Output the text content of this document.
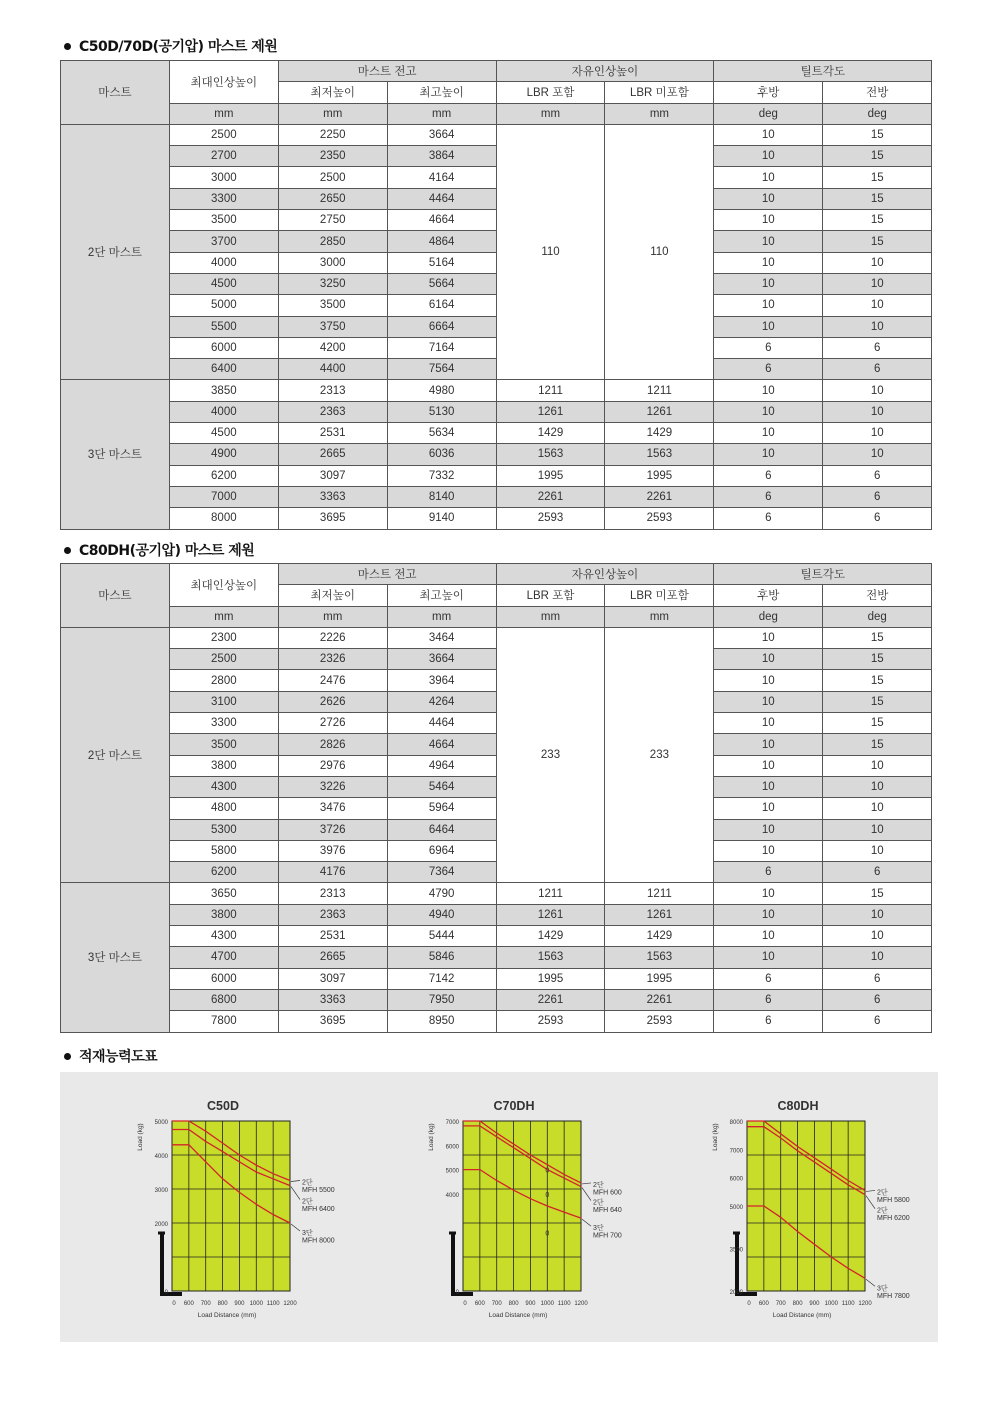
C50D/70D(공기압) 마스트 제원
마스트	최대인상높이	마스트 전고		자유인상높이		틸트각도	
		최저높이	최고높이	LBR 포함	LBR 미포함	후방	전방
	mm	mm	mm	mm	mm	deg	deg
2단 마스트	2500	2250	3664	110	110	10	15
	2700	2350	3864			10	15
	3000	2500	4164			10	15
	3300	2650	4464			10	15
	3500	2750	4664			10	15
	3700	2850	4864			10	15
	4000	3000	5164			10	10
	4500	3250	5664			10	10
	5000	3500	6164			10	10
	5500	3750	6664			10	10
	6000	4200	7164			6	6
	6400	4400	7564			6	6
3단 마스트	3850	2313	4980	1211	1211	10	10
	4000	2363	5130	1261	1261	10	10
	4500	2531	5634	1429	1429	10	10
	4900	2665	6036	1563	1563	10	10
	6200	3097	7332	1995	1995	6	6
	7000	3363	8140	2261	2261	6	6
	8000	3695	9140	2593	2593	6	6
C80DH(공기압) 마스트 제원
마스트	최대인상높이	마스트 전고		자유인상높이		틸트각도	
		최저높이	최고높이	LBR 포함	LBR 미포함	후방	전방
	mm	mm	mm	mm	mm	deg	deg
2단 마스트	2300	2226	3464	233	233	10	15
	2500	2326	3664			10	15
	2800	2476	3964			10	15
	3100	2626	4264			10	15
	3300	2726	4464			10	15
	3500	2826	4664			10	15
	3800	2976	4964			10	10
	4300	3226	5464			10	10
	4800	3476	5964			10	10
	5300	3726	6464			10	10
	5800	3976	6964			10	10
	6200	4176	7364			6	6
3단 마스트	3650	2313	4790	1211	1211	10	15
	3800	2363	4940	1261	1261	10	10
	4300	2531	5444	1429	1429	10	10
	4700	2665	5846	1563	1563	10	10
	6000	3097	7142	1995	1995	6	6
	6800	3363	7950	2261	2261	6	6
	7800	3695	8950	2593	2593	6	6
적재능력도표
C50D
0
2000
3000
4000
5000
Load (kg)
0 600 700 800 900 1000 1100 1200
Load Distance (mm)
2단
MFH 5500
2단
MFH 6400
3단
MFH 8000
C70DH
0
4000
5000
6000
7000
Load (kg)
0 600 700 800 900 1000 1100 1200
Load Distance (mm)
2단
MFH 600
2단
MFH 640
3단
MFH 700
0
0
0
C80DH
2000
3500
5000
6000
7000
8000
Load (kg)
0 600 700 800 900 1000 1100 1200
Load Distance (mm)
2단
MFH 5800
2단
MFH 6200
3단
MFH 7800
